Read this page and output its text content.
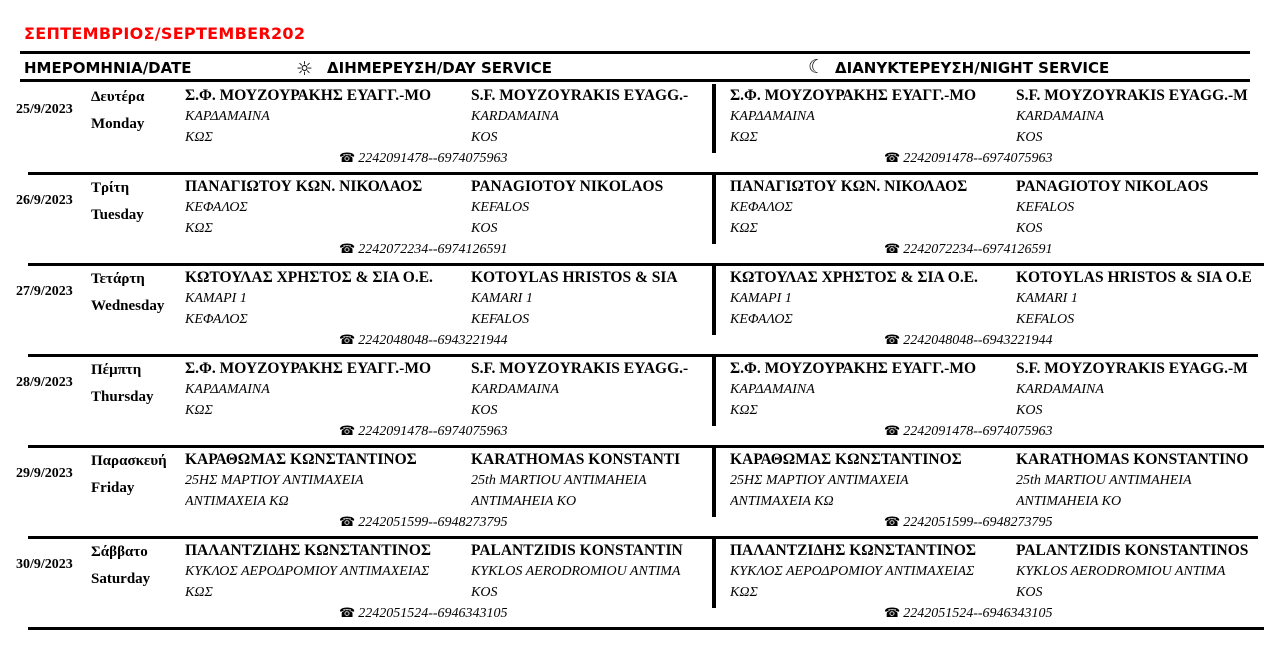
ΣΕΠΤΕΜΒΡΙΟΣ/SEPTEMBER202
ΗΜΕΡΟΜΗΝΙΑ/DATE	☼ ΔΙΗΜΕΡΕΥΣΗ/DAY SERVICE	☾ ΔΙΑΝΥΚΤΕΡΕΥΣΗ/NIGHT SERVICE
25/9/2023
Δευτέρα
Monday
Σ.Φ. ΜΟΥΖΟΥΡΑΚΗΣ ΕΥΑΓΓ.-ΜΟ	S.F. MOYZOYRAKIS EYAGG.-
ΚΑΡΔΑΜΑΙΝΑ	KARDAMAINA
ΚΩΣ	KOS
☎ 2242091478--6974075963
Σ.Φ. ΜΟΥΖΟΥΡΑΚΗΣ ΕΥΑΓΓ.-ΜΟ	S.F. MOYZOYRAKIS EYAGG.-M
ΚΑΡΔΑΜΑΙΝΑ	KARDAMAINA
ΚΩΣ	KOS
☎ 2242091478--6974075963
26/9/2023
Τρίτη
Tuesday
ΠΑΝΑΓΙΩΤΟΥ ΚΩΝ. ΝΙΚΟΛΑΟΣ	PANAGIOTOY NIKOLAOS
ΚΕΦΑΛΟΣ	KEFALOS
ΚΩΣ	KOS
☎ 2242072234--6974126591
ΠΑΝΑΓΙΩΤΟΥ ΚΩΝ. ΝΙΚΟΛΑΟΣ	PANAGIOTOY NIKOLAOS
ΚΕΦΑΛΟΣ	KEFALOS
ΚΩΣ	KOS
☎ 2242072234--6974126591
27/9/2023
Τετάρτη
Wednesday
ΚΩΤΟΥΛΑΣ ΧΡΗΣΤΟΣ & ΣΙΑ Ο.Ε.	KOTOYLAS HRISTOS & SIA
ΚΑΜΑΡΙ 1	KAMARI 1
ΚΕΦΑΛΟΣ	KEFALOS
☎ 2242048048--6943221944
ΚΩΤΟΥΛΑΣ ΧΡΗΣΤΟΣ & ΣΙΑ Ο.Ε.	KOTOYLAS HRISTOS & SIA O.E
ΚΑΜΑΡΙ 1	KAMARI 1
ΚΕΦΑΛΟΣ	KEFALOS
☎ 2242048048--6943221944
28/9/2023
Πέμπτη
Thursday
Σ.Φ. ΜΟΥΖΟΥΡΑΚΗΣ ΕΥΑΓΓ.-ΜΟ	S.F. MOYZOYRAKIS EYAGG.-
ΚΑΡΔΑΜΑΙΝΑ	KARDAMAINA
ΚΩΣ	KOS
☎ 2242091478--6974075963
Σ.Φ. ΜΟΥΖΟΥΡΑΚΗΣ ΕΥΑΓΓ.-ΜΟ	S.F. MOYZOYRAKIS EYAGG.-M
ΚΑΡΔΑΜΑΙΝΑ	KARDAMAINA
ΚΩΣ	KOS
☎ 2242091478--6974075963
29/9/2023
Παρασκευή
Friday
ΚΑΡΑΘΩΜΑΣ ΚΩΝΣΤΑΝΤΙΝΟΣ	KARATHOMAS KONSTANTI
25ΗΣ ΜΑΡΤΙΟΥ ΑΝΤΙΜΑΧΕΙΑ	25th MARTIOU ANTIMAHEIA
ΑΝΤΙΜΑΧΕΙΑ ΚΩ	ANTIMAHEIA KO
☎ 2242051599--6948273795
ΚΑΡΑΘΩΜΑΣ ΚΩΝΣΤΑΝΤΙΝΟΣ	KARATHOMAS KONSTANTINO
25ΗΣ ΜΑΡΤΙΟΥ ΑΝΤΙΜΑΧΕΙΑ	25th MARTIOU ANTIMAHEIA
ΑΝΤΙΜΑΧΕΙΑ ΚΩ	ANTIMAHEIA KO
☎ 2242051599--6948273795
30/9/2023
Σάββατο
Saturday
ΠΑΛΑΝΤΖΙΔΗΣ ΚΩΝΣΤΑΝΤΙΝΟΣ	PALANTZIDIS KONSTANTIN
ΚΥΚΛΟΣ ΑΕΡΟΔΡΟΜΙΟΥ ΑΝΤΙΜΑΧΕΙΑΣ	KYKLOS AERODROMIOU ANTIMA
ΚΩΣ	KOS
☎ 2242051524--6946343105
ΠΑΛΑΝΤΖΙΔΗΣ ΚΩΝΣΤΑΝΤΙΝΟΣ	PALANTZIDIS KONSTANTINOS
ΚΥΚΛΟΣ ΑΕΡΟΔΡΟΜΙΟΥ ΑΝΤΙΜΑΧΕΙΑΣ	KYKLOS AERODROMIOU ANTIMA
ΚΩΣ	KOS
☎ 2242051524--6946343105
